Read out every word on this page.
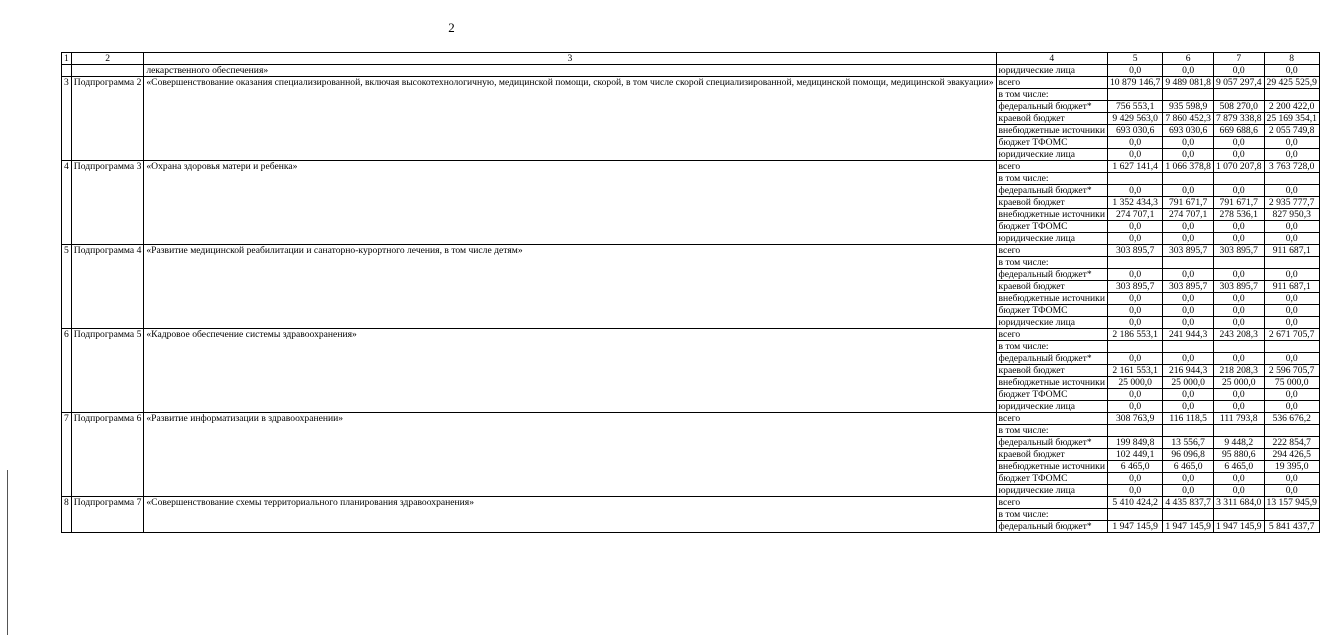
2
1	2	3	4	5	6	7	8
		лекарственного обеспечения»	юридические лица	0,0	0,0	0,0	0,0
3	Подпрограмма 2	«Совершенствование оказания специализированной, включая высокотехнологичную, медицинской помощи, скорой, в том числе скорой специализированной, медицинской помощи, медицинской эвакуации»	всего	10 879 146,7	9 489 081,8	9 057 297,4	29 425 525,9
			в том числе:				
			федеральный бюджет*	756 553,1	935 598,9	508 270,0	2 200 422,0
			краевой бюджет	9 429 563,0	7 860 452,3	7 879 338,8	25 169 354,1
			внебюджетные источники	693 030,6	693 030,6	669 688,6	2 055 749,8
			бюджет ТФОМС	0,0	0,0	0,0	0,0
			юридические лица	0,0	0,0	0,0	0,0
4	Подпрограмма 3	«Охрана здоровья матери и ребенка»	всего	1 627 141,4	1 066 378,8	1 070 207,8	3 763 728,0
			в том числе:				
			федеральный бюджет*	0,0	0,0	0,0	0,0
			краевой бюджет	1 352 434,3	791 671,7	791 671,7	2 935 777,7
			внебюджетные источники	274 707,1	274 707,1	278 536,1	827 950,3
			бюджет ТФОМС	0,0	0,0	0,0	0,0
			юридические лица	0,0	0,0	0,0	0,0
5	Подпрограмма 4	«Развитие медицинской реабилитации и санаторно-курортного лечения, в том числе детям»	всего	303 895,7	303 895,7	303 895,7	911 687,1
			в том числе:				
			федеральный бюджет*	0,0	0,0	0,0	0,0
			краевой бюджет	303 895,7	303 895,7	303 895,7	911 687,1
			внебюджетные источники	0,0	0,0	0,0	0,0
			бюджет ТФОМС	0,0	0,0	0,0	0,0
			юридические лица	0,0	0,0	0,0	0,0
6	Подпрограмма 5	«Кадровое обеспечение системы здравоохранения»	всего	2 186 553,1	241 944,3	243 208,3	2 671 705,7
			в том числе:				
			федеральный бюджет*	0,0	0,0	0,0	0,0
			краевой бюджет	2 161 553,1	216 944,3	218 208,3	2 596 705,7
			внебюджетные источники	25 000,0	25 000,0	25 000,0	75 000,0
			бюджет ТФОМС	0,0	0,0	0,0	0,0
			юридические лица	0,0	0,0	0,0	0,0
7	Подпрограмма 6	«Развитие информатизации в здравоохранении»	всего	308 763,9	116 118,5	111 793,8	536 676,2
			в том числе:				
			федеральный бюджет*	199 849,8	13 556,7	9 448,2	222 854,7
			краевой бюджет	102 449,1	96 096,8	95 880,6	294 426,5
			внебюджетные источники	6 465,0	6 465,0	6 465,0	19 395,0
			бюджет ТФОМС	0,0	0,0	0,0	0,0
			юридические лица	0,0	0,0	0,0	0,0
8	Подпрограмма 7	«Совершенствование схемы территориального планирования здравоохранения»	всего	5 410 424,2	4 435 837,7	3 311 684,0	13 157 945,9
			в том числе:				
			федеральный бюджет*	1 947 145,9	1 947 145,9	1 947 145,9	5 841 437,7
